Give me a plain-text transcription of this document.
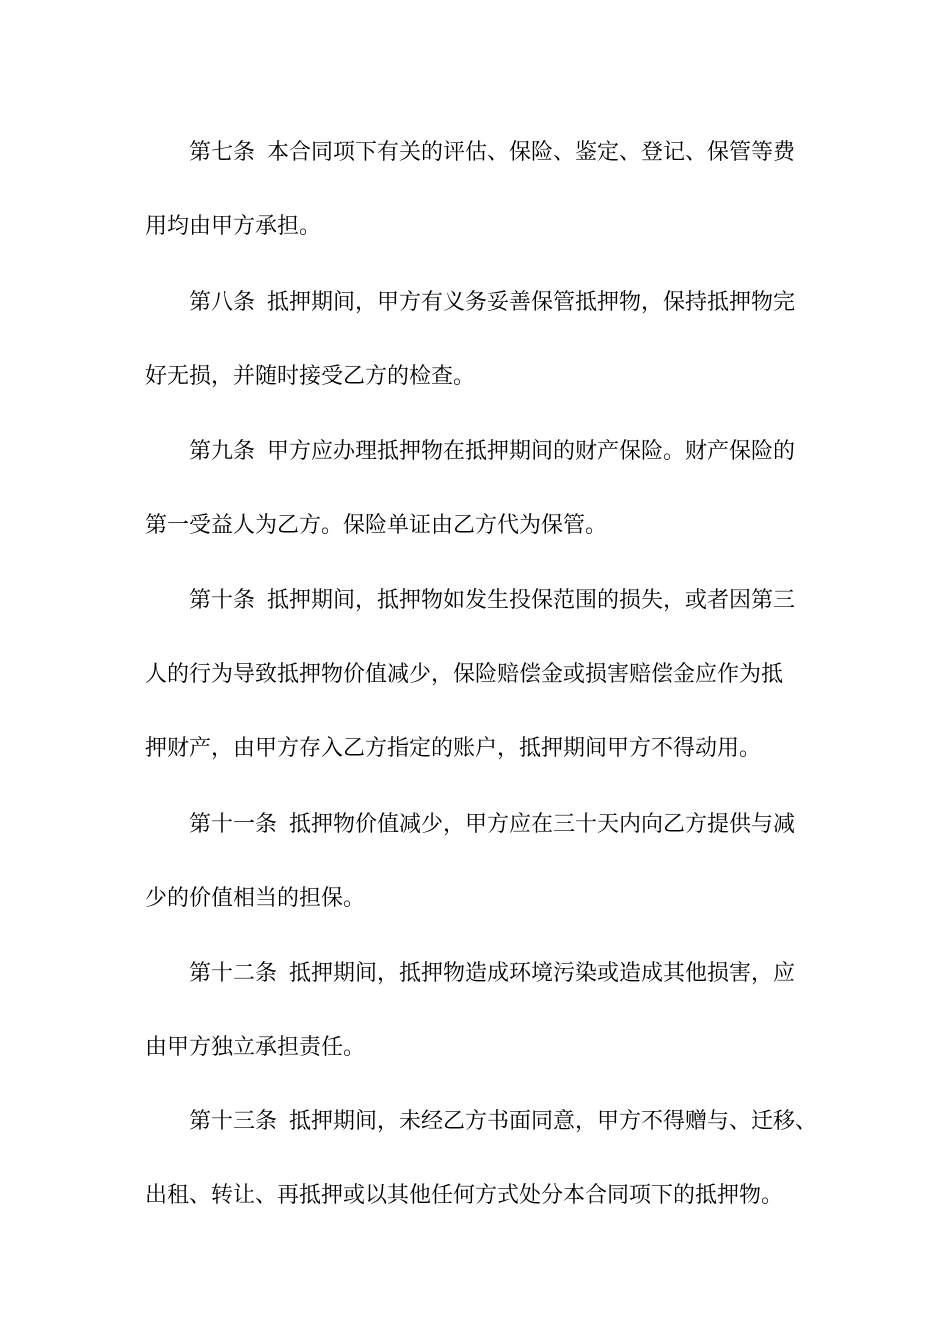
第七条 本合同项下有关的评估、保险、鉴定、登记、保管等费
用均由甲方承担。
第八条 抵押期间，甲方有义务妥善保管抵押物，保持抵押物完
好无损，并随时接受乙方的检查。
第九条 甲方应办理抵押物在抵押期间的财产保险。财产保险的
第一受益人为乙方。保险单证由乙方代为保管。
第十条 抵押期间，抵押物如发生投保范围的损失，或者因第三
人的行为导致抵押物价值减少，保险赔偿金或损害赔偿金应作为抵
押财产，由甲方存入乙方指定的账户，抵押期间甲方不得动用。
第十一条 抵押物价值减少，甲方应在三十天内向乙方提供与减
少的价值相当的担保。
第十二条 抵押期间，抵押物造成环境污染或造成其他损害，应
由甲方独立承担责任。
第十三条 抵押期间，未经乙方书面同意，甲方不得赠与、迁移、
出租、转让、再抵押或以其他任何方式处分本合同项下的抵押物。
